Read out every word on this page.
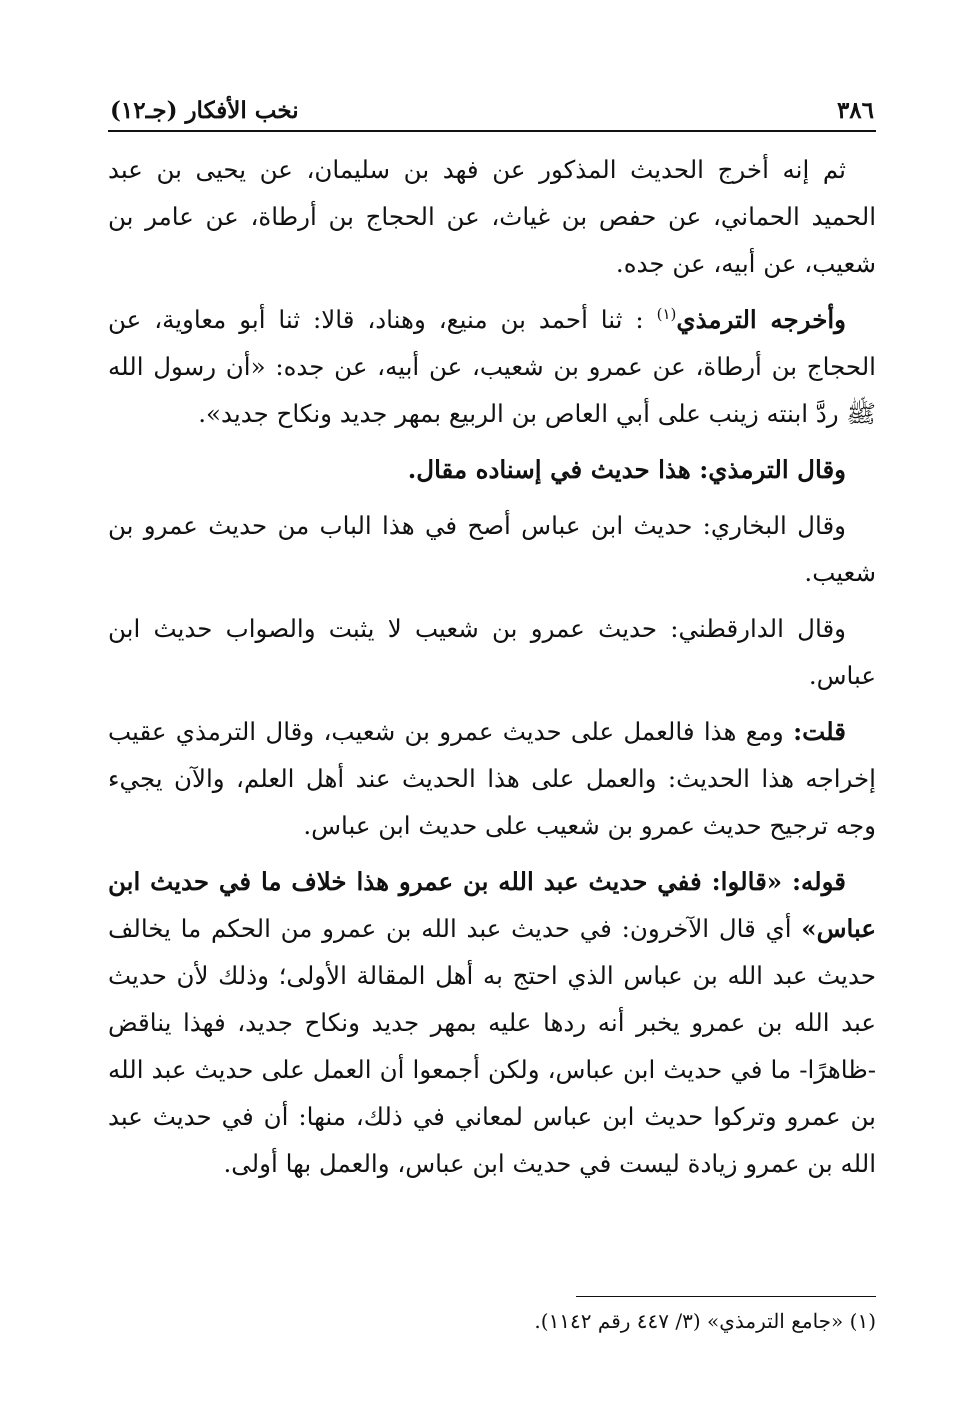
٣٨٦
نخب الأفكار (جـ١٢)

ثم إنه أخرج الحديث المذكور عن فهد بن سليمان، عن يحيى بن عبد الحميد الحماني، عن حفص بن غياث، عن الحجاج بن أرطاة، عن عامر بن شعيب، عن أبيه، عن جده.

وأخرجه الترمذي$^{(١)}$ : ثنا أحمد بن منيع، وهناد، قالا: ثنا أبو معاوية، عن الحجاج بن أرطاة، عن عمرو بن شعيب، عن أبيه، عن جده: «أن رسول الله ﷺ ردَّ ابنته زينب على أبي العاص بن الربيع بمهر جديد ونكاح جديد».

وقال الترمذي: هذا حديث في إسناده مقال.

وقال البخاري: حديث ابن عباس أصح في هذا الباب من حديث عمرو بن شعيب.

وقال الدارقطني: حديث عمرو بن شعيب لا يثبت والصواب حديث ابن عباس.

قلت: ومع هذا فالعمل على حديث عمرو بن شعيب، وقال الترمذي عقيب إخراجه هذا الحديث: والعمل على هذا الحديث عند أهل العلم، والآن يجيء وجه ترجيح حديث عمرو بن شعيب على حديث ابن عباس.

قوله: «قالوا: ففي حديث عبد الله بن عمرو هذا خلاف ما في حديث ابن عباس» أي قال الآخرون: في حديث عبد الله بن عمرو من الحكم ما يخالف حديث عبد الله بن عباس الذي احتج به أهل المقالة الأولى؛ وذلك لأن حديث عبد الله بن عمرو يخبر أنه ردها عليه بمهر جديد ونكاح جديد، فهذا يناقض -ظاهرًا- ما في حديث ابن عباس، ولكن أجمعوا أن العمل على حديث عبد الله بن عمرو وتركوا حديث ابن عباس لمعاني في ذلك، منها: أن في حديث عبد الله بن عمرو زيادة ليست في حديث ابن عباس، والعمل بها أولى.

(١) «جامع الترمذي» (٣/ ٤٤٧ رقم ١١٤٢).
